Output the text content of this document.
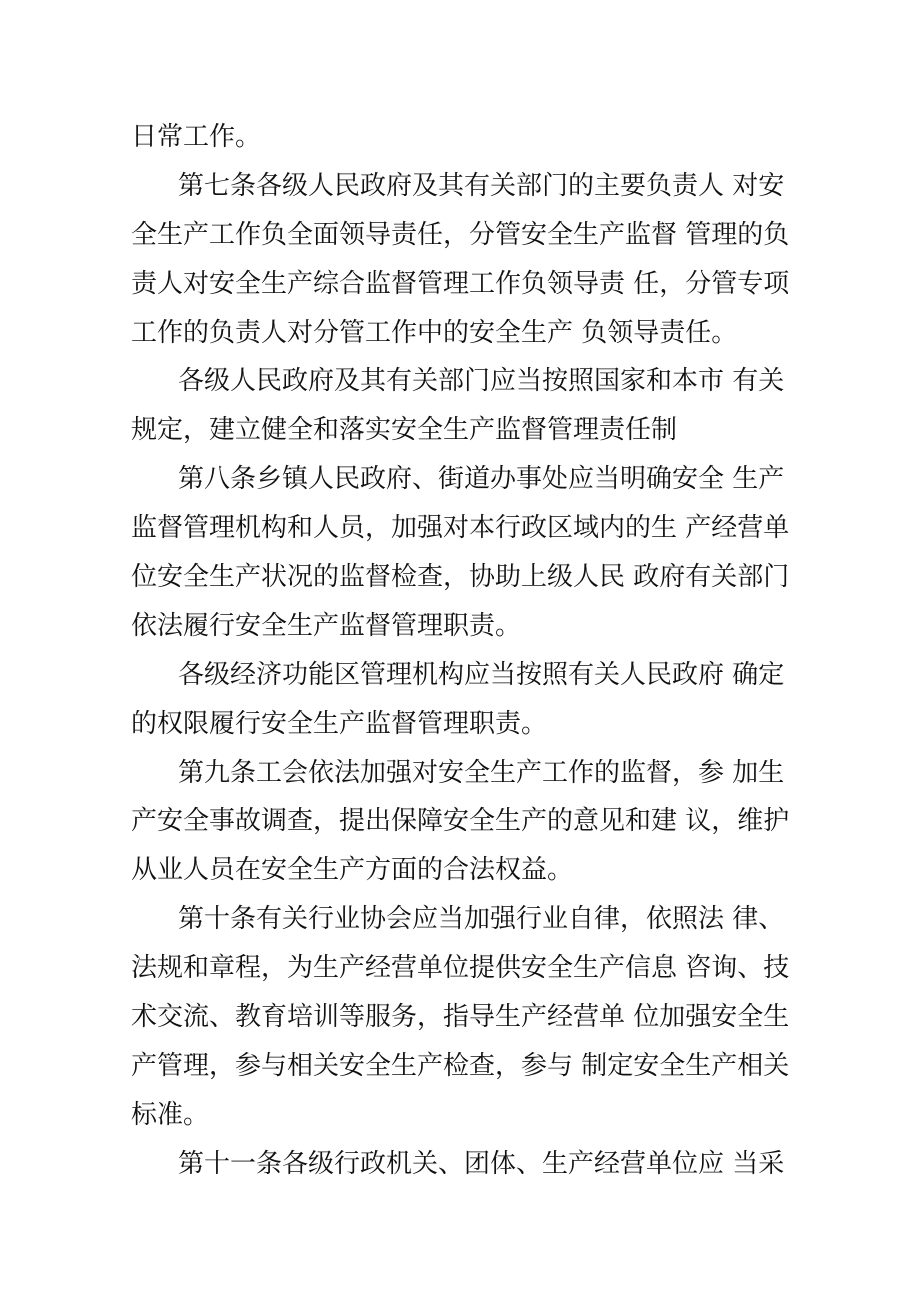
日常工作。
第七条各级人民政府及其有关部门的主要负责人 对安
全生产工作负全面领导责任，分管安全生产监督 管理的负
责人对安全生产综合监督管理工作负领导责 任，分管专项
工作的负责人对分管工作中的安全生产 负领导责任。
各级人民政府及其有关部门应当按照国家和本市 有关
规定，建立健全和落实安全生产监督管理责任制
第八条乡镇人民政府、街道办事处应当明确安全 生产
监督管理机构和人员，加强对本行政区域内的生 产经营单
位安全生产状况的监督检查，协助上级人民 政府有关部门
依法履行安全生产监督管理职责。
各级经济功能区管理机构应当按照有关人民政府 确定
的权限履行安全生产监督管理职责。
第九条工会依法加强对安全生产工作的监督，参 加生
产安全事故调查，提出保障安全生产的意见和建 议，维护
从业人员在安全生产方面的合法权益。
第十条有关行业协会应当加强行业自律，依照法 律、
法规和章程，为生产经营单位提供安全生产信息 咨询、技
术交流、教育培训等服务，指导生产经营单 位加强安全生
产管理，参与相关安全生产检查，参与 制定安全生产相关
标准。
第十一条各级行政机关、团体、生产经营单位应 当采
